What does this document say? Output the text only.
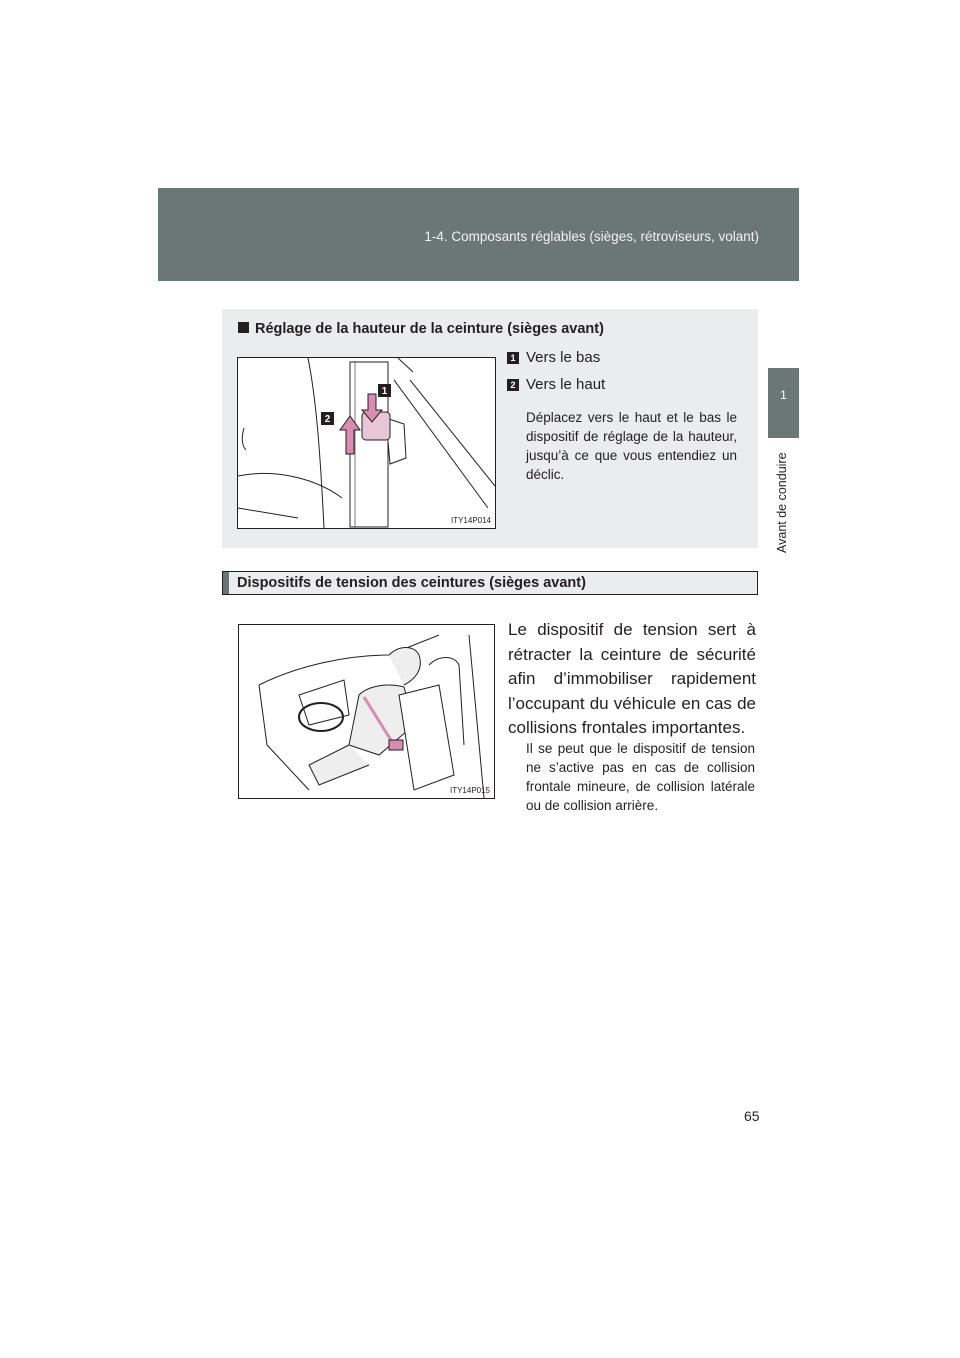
1-4. Composants réglables (sièges, rétroviseurs, volant)
1
Avant de conduire
Réglage de la hauteur de la ceinture (sièges avant)
1
2
ITY14P014
1 Vers le bas
2 Vers le haut
Déplacez vers le haut et le bas le dispositif de réglage de la hauteur, jusqu’à ce que vous entendiez un déclic.
Dispositifs de tension des ceintures (sièges avant)
ITY14P015
Le dispositif de tension sert à rétracter la ceinture de sécurité afin d’immobiliser rapidement l’occupant du véhicule en cas de collisions frontales importantes.
Il se peut que le dispositif de tension ne s’active pas en cas de collision frontale mineure, de collision latérale ou de collision arrière.
65
